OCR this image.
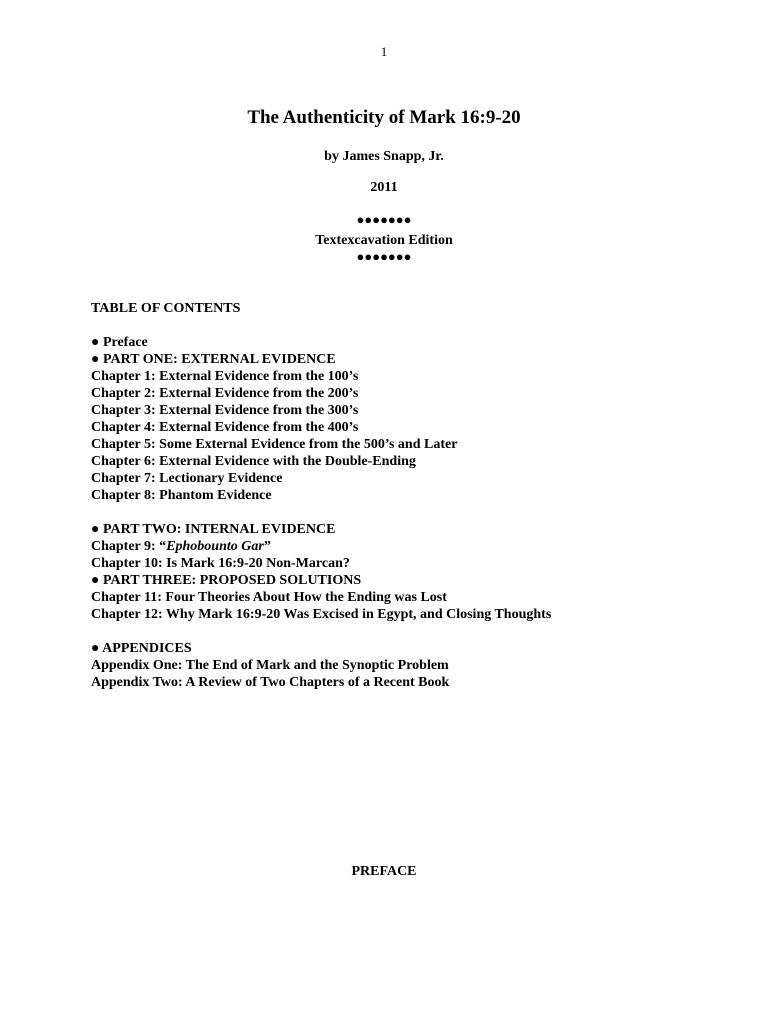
1
The Authenticity of Mark 16:9-20
by James Snapp, Jr.
2011
●●●●●●●
Textexcavation Edition
●●●●●●●
TABLE OF CONTENTS
● Preface
● PART ONE: EXTERNAL EVIDENCE
Chapter 1: External Evidence from the 100’s
Chapter 2: External Evidence from the 200’s
Chapter 3: External Evidence from the 300’s
Chapter 4: External Evidence from the 400’s
Chapter 5: Some External Evidence from the 500’s and Later
Chapter 6: External Evidence with the Double-Ending
Chapter 7: Lectionary Evidence
Chapter 8: Phantom Evidence
● PART TWO: INTERNAL EVIDENCE
Chapter 9: “Ephobounto Gar”
Chapter 10: Is Mark 16:9-20 Non-Marcan?
● PART THREE: PROPOSED SOLUTIONS
Chapter 11: Four Theories About How the Ending was Lost
Chapter 12: Why Mark 16:9-20 Was Excised in Egypt, and Closing Thoughts
● APPENDICES
Appendix One: The End of Mark and the Synoptic Problem
Appendix Two: A Review of Two Chapters of a Recent Book
PREFACE
